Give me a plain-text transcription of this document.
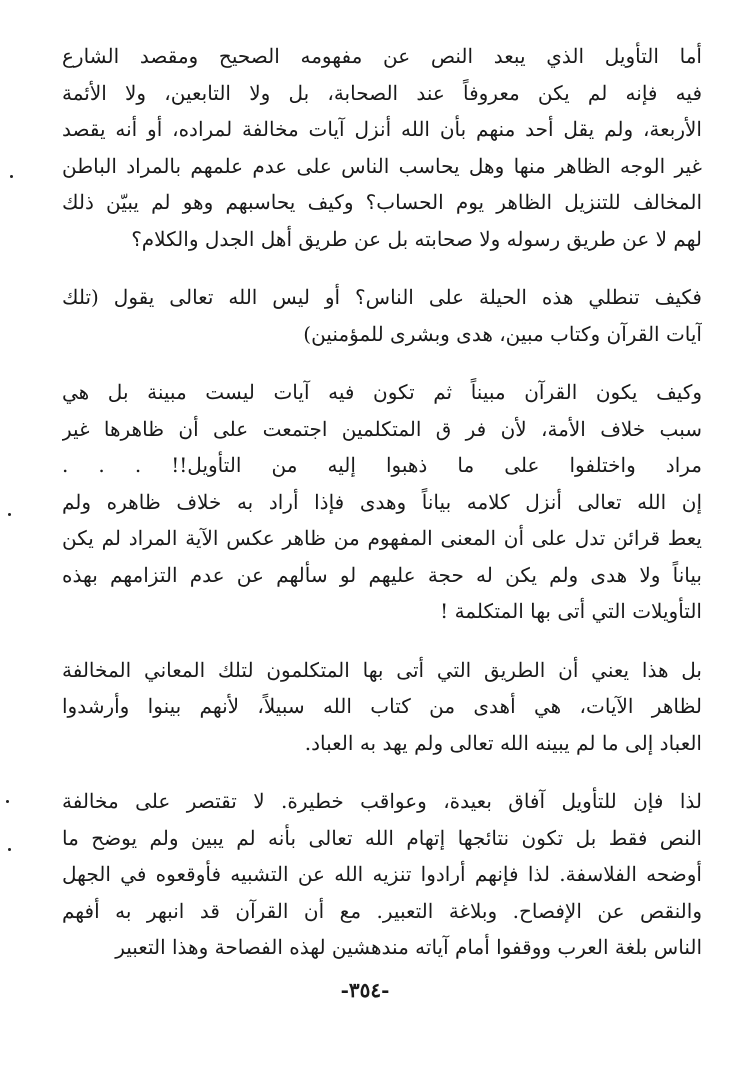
أما التأويل الذي يبعد النص عن مفهومه الصحيح ومقصد الشارع
فيه فإنه لم يكن معروفاً عند الصحابة، بل ولا التابعين، ولا الأئمة
الأربعة، ولم يقل أحد منهم بأن الله أنزل آيات مخالفة لمراده، أو أنه يقصد
غير الوجه الظاهر منها وهل يحاسب الناس على عدم علمهم بالمراد الباطن
المخالف للتنزيل الظاهر يوم الحساب؟ وكيف يحاسبهم وهو لم يبيّن ذلك
لهم لا عن طريق رسوله ولا صحابته بل عن طريق أهل الجدل والكلام؟
فكيف تنطلي هذه الحيلة على الناس؟ أو ليس الله تعالى يقول (تلك
آيات القرآن وكتاب مبين، هدى وبشرى للمؤمنين)
وكيف يكون القرآن مبيناً ثم تكون فيه آيات ليست مبينة بل هي
سبب خلاف الأمة، لأن فر ق المتكلمين اجتمعت على أن ظاهرها غير
مراد واختلفوا على ما ذهبوا إليه من التأويل!! . . .
إن الله تعالى أنزل كلامه بياناً وهدى فإذا أراد به خلاف ظاهره ولم
يعط قرائن تدل على أن المعنى المفهوم من ظاهر عكس الآية المراد لم يكن
بياناً ولا هدى ولم يكن له حجة عليهم لو سألهم عن عدم التزامهم بهذه
التأويلات التي أتى بها المتكلمة !
بل هذا يعني أن الطريق التي أتى بها المتكلمون لتلك المعاني المخالفة
لظاهر الآيات، هي أهدى من كتاب الله سبيلاً، لأنهم بينوا وأرشدوا
العباد إلى ما لم يبينه الله تعالى ولم يهد به العباد.
لذا فإن للتأويل آفاق بعيدة، وعواقب خطيرة. لا تقتصر على مخالفة
النص فقط بل تكون نتائجها إتهام الله تعالى بأنه لم يبين ولم يوضح ما
أوضحه الفلاسفة. لذا فإنهم أرادوا تنزيه الله عن التشبيه فأوقعوه في الجهل
والنقص عن الإفصاح. وبلاغة التعبير. مع أن القرآن قد انبهر به أفهم
الناس بلغة العرب ووقفوا أمام آياته مندهشين لهذه الفصاحة وهذا التعبير
-٣٥٤-
